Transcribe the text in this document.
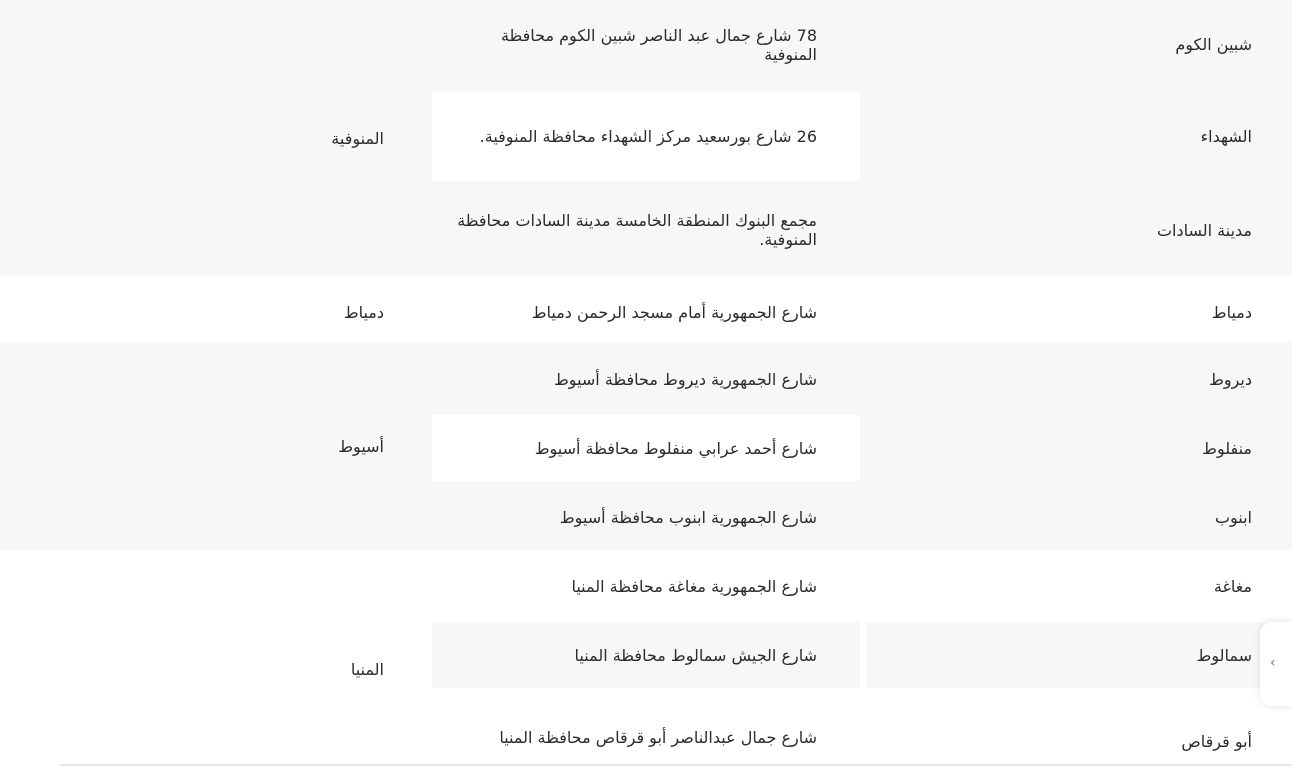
المنوفية
شبين الكوم
78 شارع جمال عبد الناصر شبين الكوم محافظة المنوفية
الشهداء
26 شارع بورسعيد مركز الشهداء محافظة المنوفية.
مدينة السادات
مجمع البنوك المنطقة الخامسة مدينة السادات محافظة المنوفية.
دمياط	دمياط
شارع الجمهورية أمام مسجد الرحمن دمياط
أسيوط
ديروط
شارع الجمهورية ديروط محافظة أسيوط
منفلوط
شارع أحمد عرابي منفلوط محافظة أسيوط
ابنوب
شارع الجمهورية ابنوب محافظة أسيوط
المنيا
مغاغة
شارع الجمهورية مغاغة محافظة المنيا
سمالوط
شارع الجيش سمالوط محافظة المنيا
أبو قرقاص
شارع جمال عبدالناصر أبو قرقاص محافظة المنيا
‹
